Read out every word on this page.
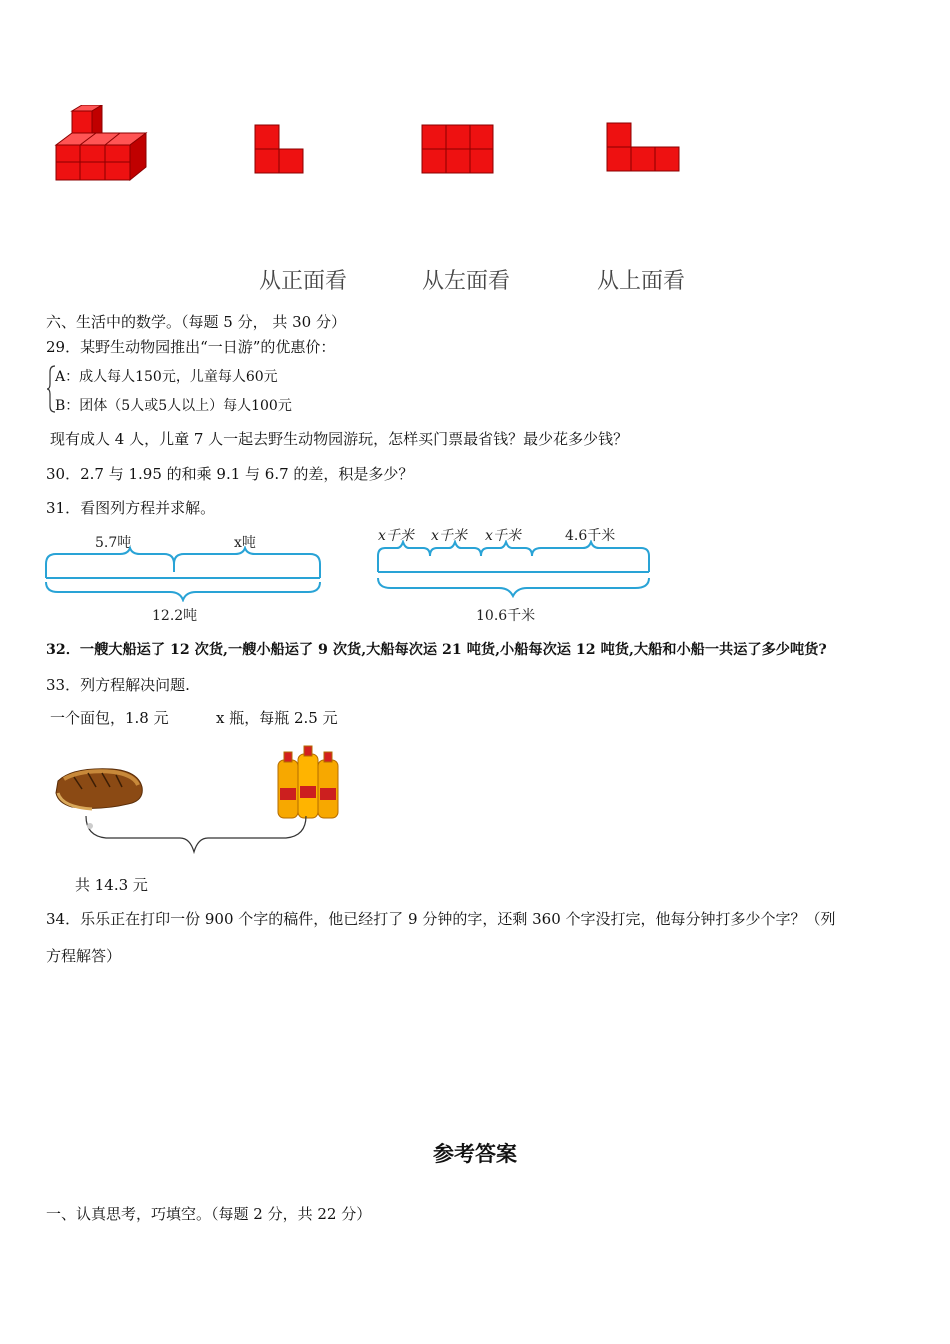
从正面看	从左面看	从上面看
六、生活中的数学。（每题 5 分， 共 30 分）
29．某野生动物园推出“一日游”的优惠价：
A：成人每人150元，儿童每人60元
B：团体（5人或5人以上）每人100元
现有成人 4 人，儿童 7 人一起去野生动物园游玩，怎样买门票最省钱？最少花多少钱？
30．2.7 与 1.95 的和乘 9.1 与 6.7 的差，积是多少？
31．看图列方程并求解。
5.7吨	x吨
12.2吨
x千米 x千米 x千米	4.6千米
10.6千米
32．一艘大船运了 12 次货,一艘小船运了 9 次货,大船每次运 21 吨货,小船每次运 12 吨货,大船和小船一共运了多少吨货?
33．列方程解决问题.
一个面包，1.8 元	x 瓶，每瓶 2.5 元
共 14.3 元
34．乐乐正在打印一份 900 个字的稿件，他已经打了 9 分钟的字，还剩 360 个字没打完，他每分钟打多少个字？（列
方程解答）
参考答案
一、认真思考，巧填空。（每题 2 分，共 22 分）
